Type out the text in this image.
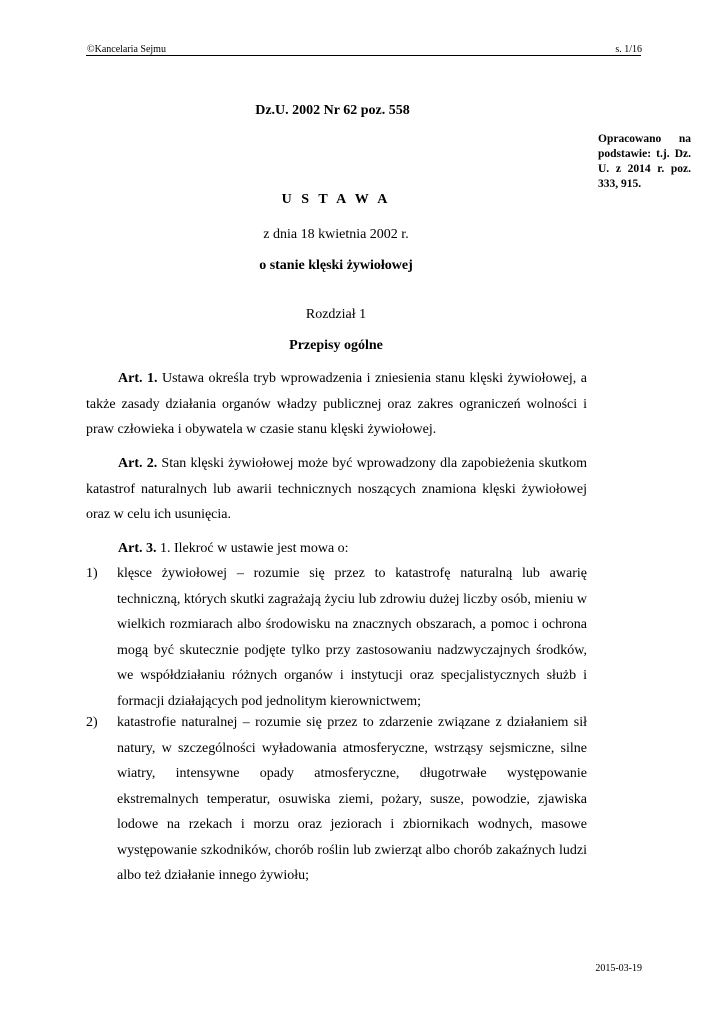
©Kancelaria Sejmu	s. 1/16
Dz.U. 2002 Nr 62 poz. 558
Opracowano na podstawie: t.j. Dz. U. z 2014 r. poz. 333, 915.
U S T A W A
z dnia 18 kwietnia 2002 r.
o stanie klęski żywiołowej
Rozdział 1
Przepisy ogólne

Art. 1. Ustawa określa tryb wprowadzenia i zniesienia stanu klęski żywiołowej, a także zasady działania organów władzy publicznej oraz zakres ograniczeń wolności i praw człowieka i obywatela w czasie stanu klęski żywiołowej.

Art. 2. Stan klęski żywiołowej może być wprowadzony dla zapobieżenia skutkom katastrof naturalnych lub awarii technicznych noszących znamiona klęski żywiołowej oraz w celu ich usunięcia.

Art. 3. 1. Ilekroć w ustawie jest mowa o:

1) klęsce żywiołowej – rozumie się przez to katastrofę naturalną lub awarię techniczną, których skutki zagrażają życiu lub zdrowiu dużej liczby osób, mieniu w wielkich rozmiarach albo środowisku na znacznych obszarach, a pomoc i ochrona mogą być skutecznie podjęte tylko przy zastosowaniu nadzwyczajnych środków, we współdziałaniu różnych organów i instytucji oraz specjalistycznych służb i formacji działających pod jednolitym kierownictwem;
2) katastrofie naturalnej – rozumie się przez to zdarzenie związane z działaniem sił natury, w szczególności wyładowania atmosferyczne, wstrząsy sejsmiczne, silne wiatry, intensywne opady atmosferyczne, długotrwałe występowanie ekstremalnych temperatur, osuwiska ziemi, pożary, susze, powodzie, zjawiska lodowe na rzekach i morzu oraz jeziorach i zbiornikach wodnych, masowe występowanie szkodników, chorób roślin lub zwierząt albo chorób zakaźnych ludzi albo też działanie innego żywiołu;
2015-03-19
